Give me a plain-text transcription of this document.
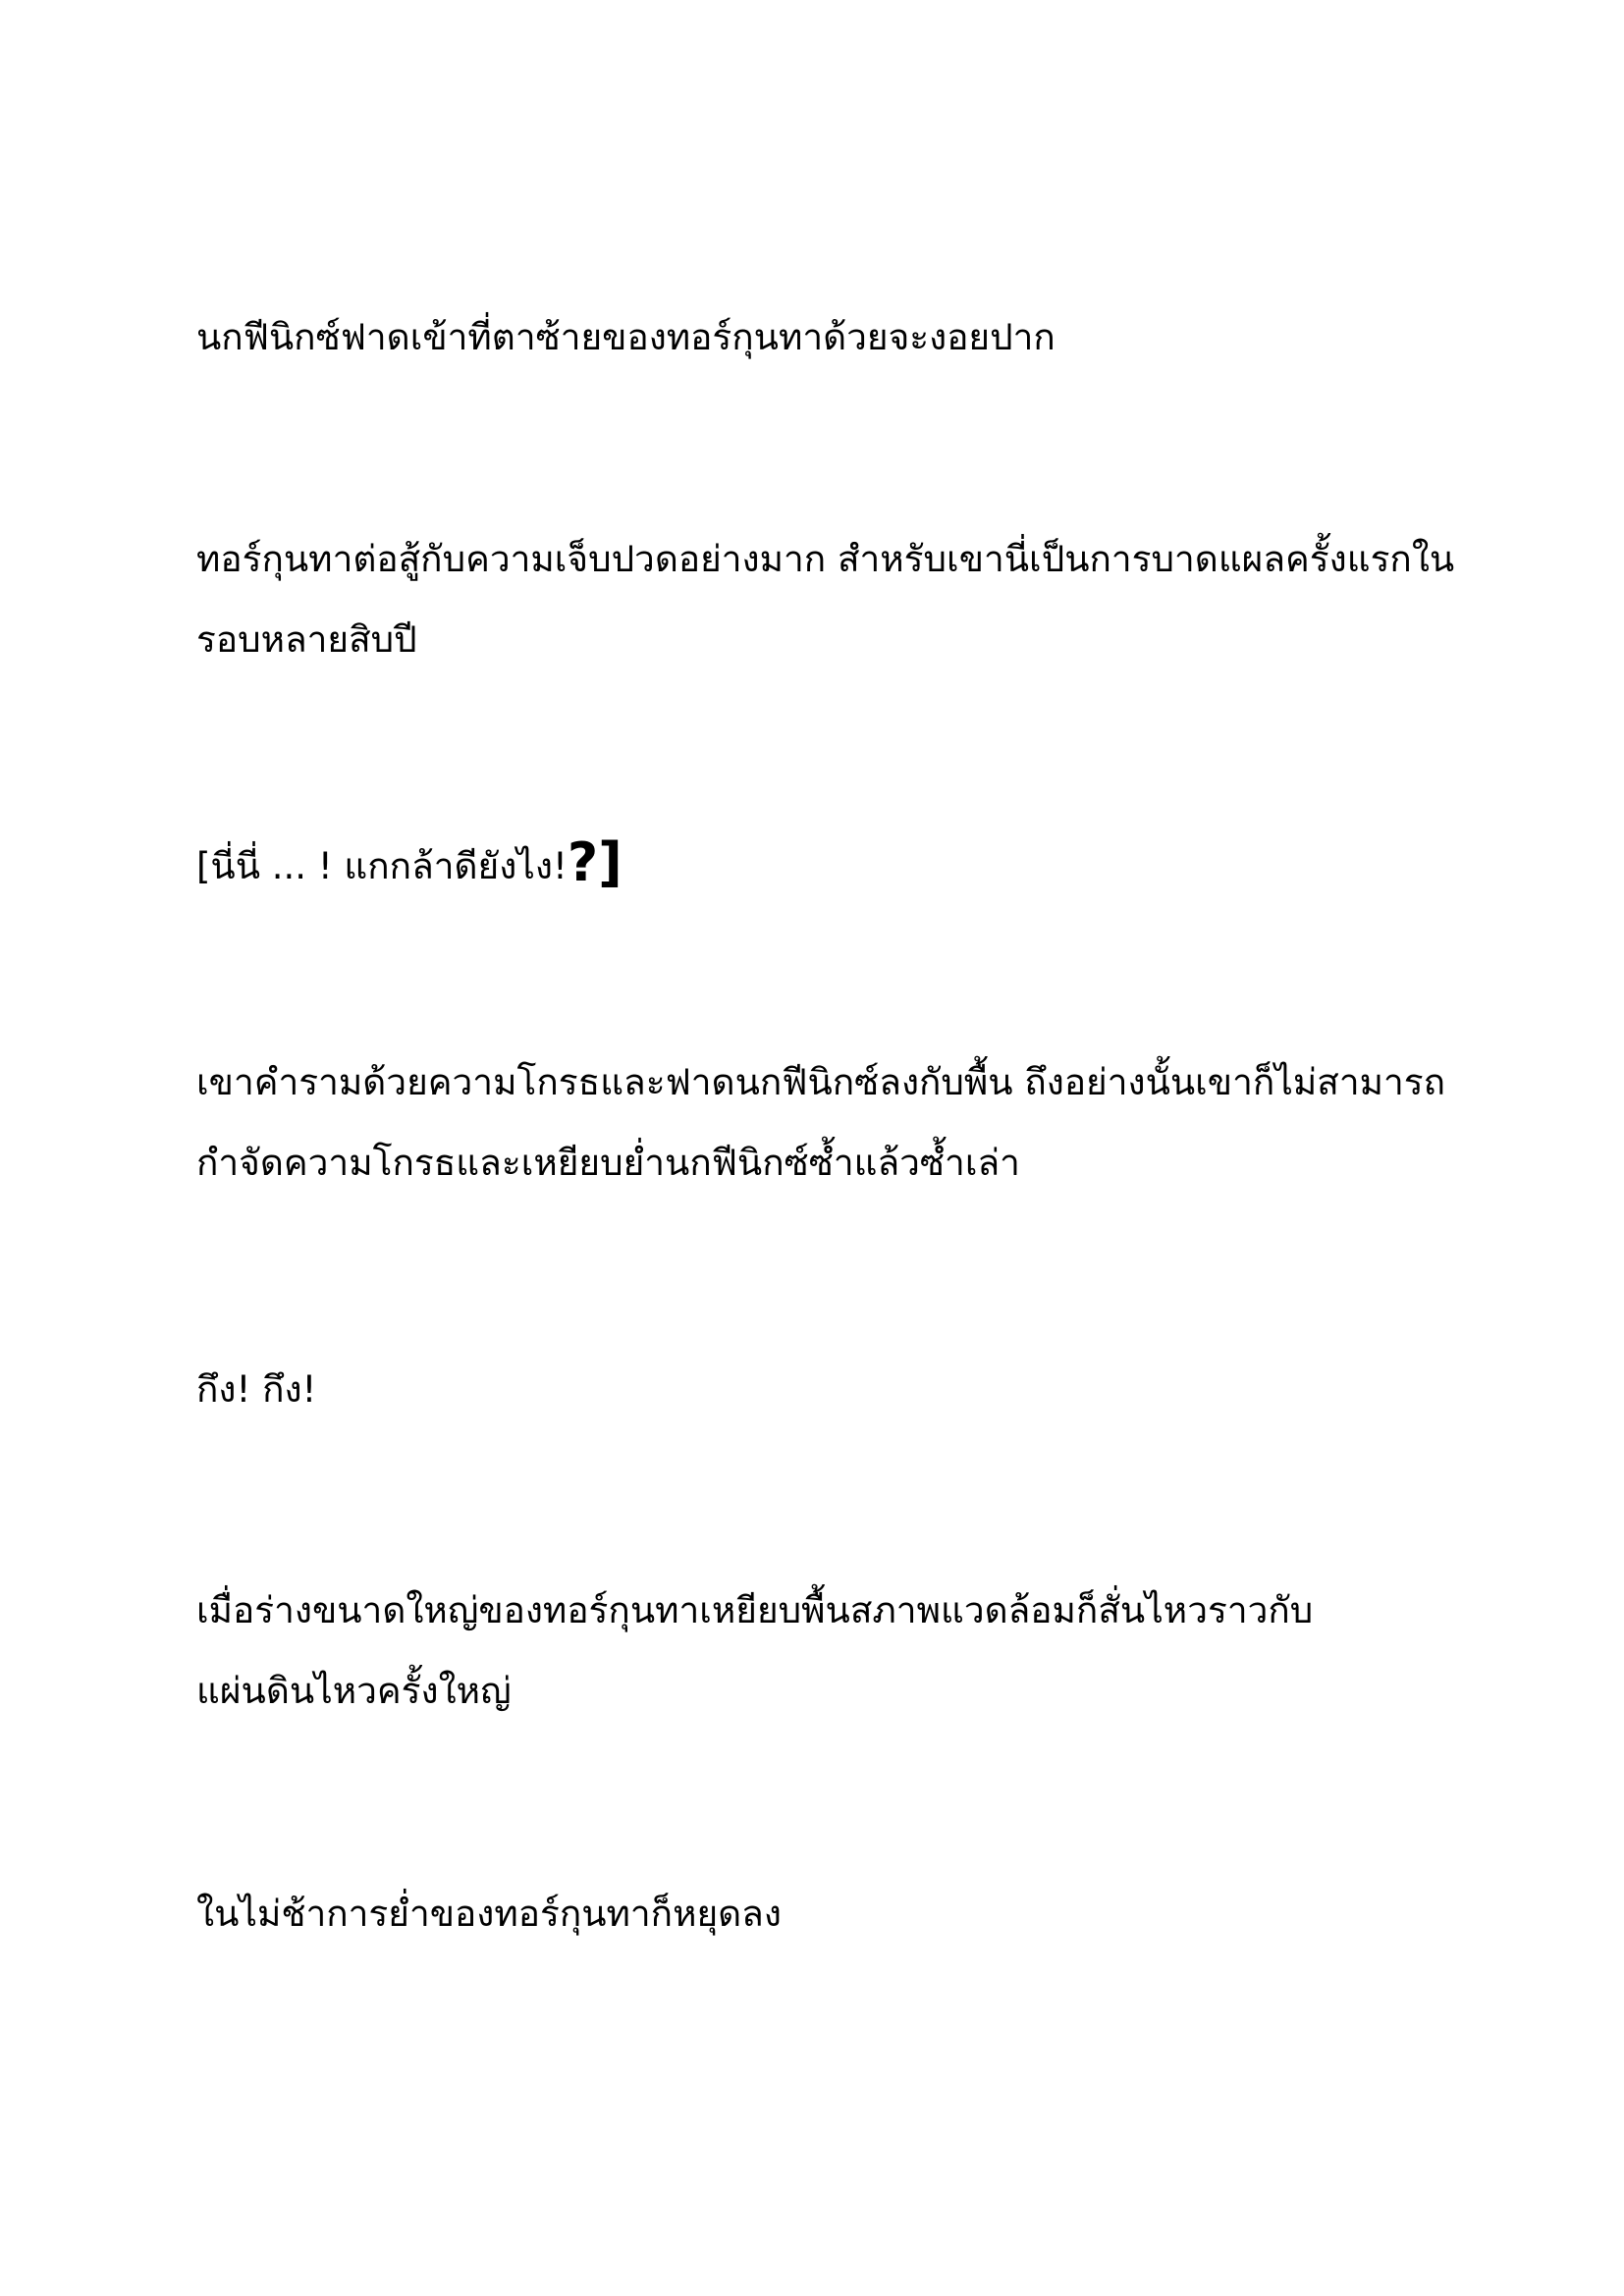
นกฟีนิกซ์ฟาดเข้าที่ตาซ้ายของทอร์กุนทาด้วยจะงอยปาก

ทอร์กุนทาต่อสู้กับความเจ็บปวดอย่างมาก สำหรับเขานี่เป็นการบาดแผลครั้งแรกใน
รอบหลายสิบปี

[นี่นี่ ... ! แกกล้าดียังไง!?]

เขาคำรามด้วยความโกรธและฟาดนกฟีนิกซ์ลงกับพื้น ถึงอย่างนั้นเขาก็ไม่สามารถ
กำจัดความโกรธและเหยียบย่ำนกฟีนิกซ์ซ้ำแล้วซ้ำเล่า

กึง! กึง!

เมื่อร่างขนาดใหญ่ของทอร์กุนทาเหยียบพื้นสภาพแวดล้อมก็สั่นไหวราวกับ
แผ่นดินไหวครั้งใหญ่

ในไม่ช้าการย่ำของทอร์กุนทาก็หยุดลง
